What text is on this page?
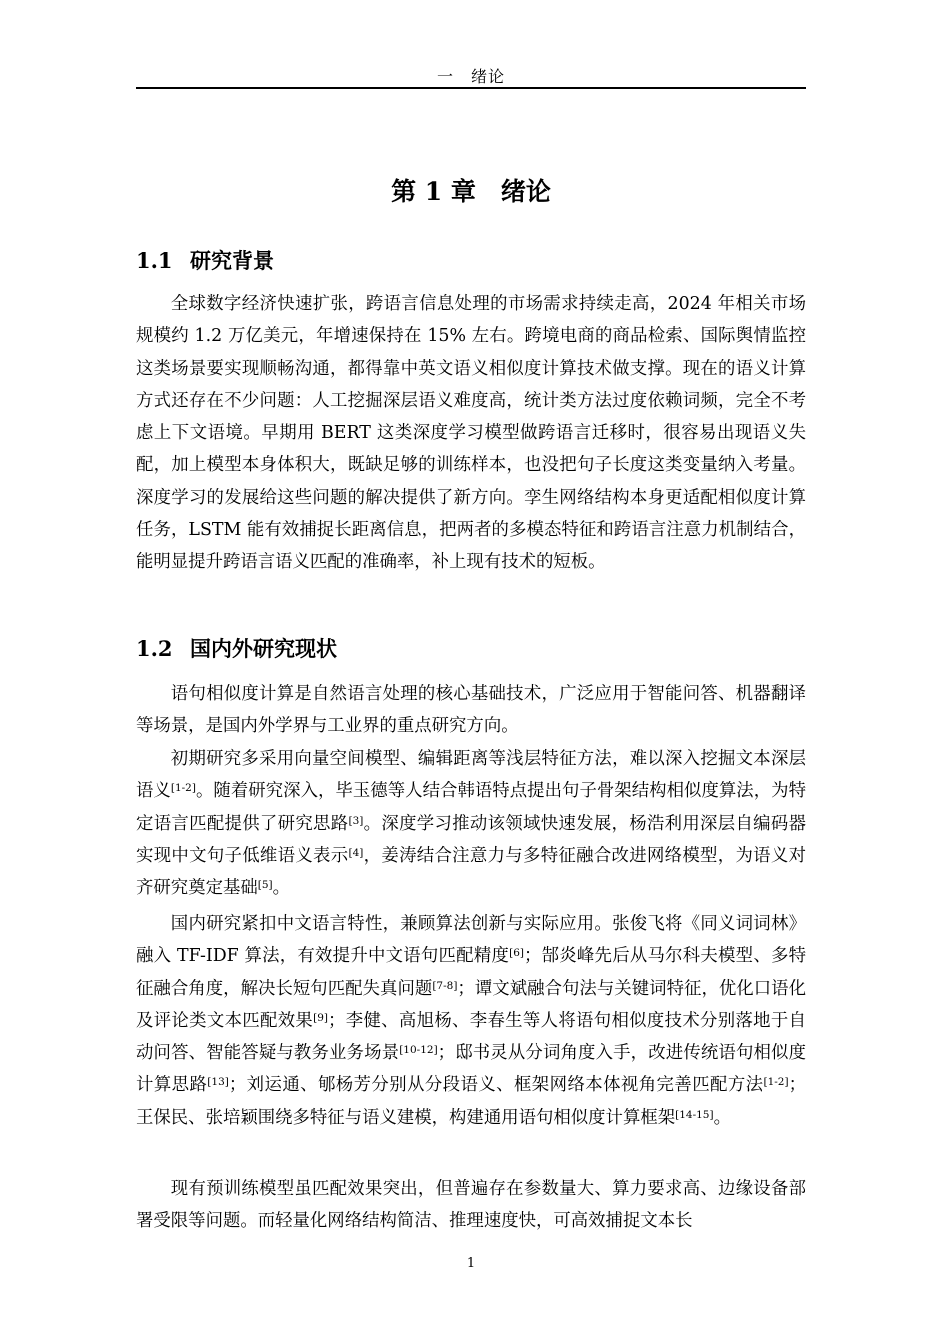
一　绪论
第 1 章　绪论
1.1 研究背景

全球数字经济快速扩张，跨语言信息处理的市场需求持续走高，2024 年相关市场规模约 1.2 万亿美元，年增速保持在 15% 左右。跨境电商的商品检索、国际舆情监控这类场景要实现顺畅沟通，都得靠中英文语义相似度计算技术做支撑。现在的语义计算方式还存在不少问题：人工挖掘深层语义难度高，统计类方法过度依赖词频，完全不考虑上下文语境。早期用 BERT 这类深度学习模型做跨语言迁移时，很容易出现语义失配，加上模型本身体积大，既缺足够的训练样本，也没把句子长度这类变量纳入考量。深度学习的发展给这些问题的解决提供了新方向。孪生网络结构本身更适配相似度计算任务，LSTM 能有效捕捉长距离信息，把两者的多模态特征和跨语言注意力机制结合，能明显提升跨语言语义匹配的准确率，补上现有技术的短板。

1.2 国内外研究现状

语句相似度计算是自然语言处理的核心基础技术，广泛应用于智能问答、机器翻译等场景，是国内外学界与工业界的重点研究方向。

初期研究多采用向量空间模型、编辑距离等浅层特征方法，难以深入挖掘文本深层语义[1-2]。随着研究深入，毕玉德等人结合韩语特点提出句子骨架结构相似度算法，为特定语言匹配提供了研究思路[3]。深度学习推动该领域快速发展，杨浩利用深层自编码器实现中文句子低维语义表示[4]，姜涛结合注意力与多特征融合改进网络模型，为语义对齐研究奠定基础[5]。

国内研究紧扣中文语言特性，兼顾算法创新与实际应用。张俊飞将《同义词词林》融入 TF-IDF 算法，有效提升中文语句匹配精度[6]；郜炎峰先后从马尔科夫模型、多特征融合角度，解决长短句匹配失真问题[7-8]；谭文斌融合句法与关键词特征，优化口语化及评论类文本匹配效果[9]；李健、高旭杨、李春生等人将语句相似度技术分别落地于自动问答、智能答疑与教务业务场景[10-12]；邸书灵从分词角度入手，改进传统语句相似度计算思路[13]；刘运通、郇杨芳分别从分段语义、框架网络本体视角完善匹配方法[1-2]；王保民、张培颖围绕多特征与语义建模，构建通用语句相似度计算框架[14-15]。

现有预训练模型虽匹配效果突出，但普遍存在参数量大、算力要求高、边缘设备部署受限等问题。而轻量化网络结构简洁、推理速度快，可高效捕捉文本长

1
